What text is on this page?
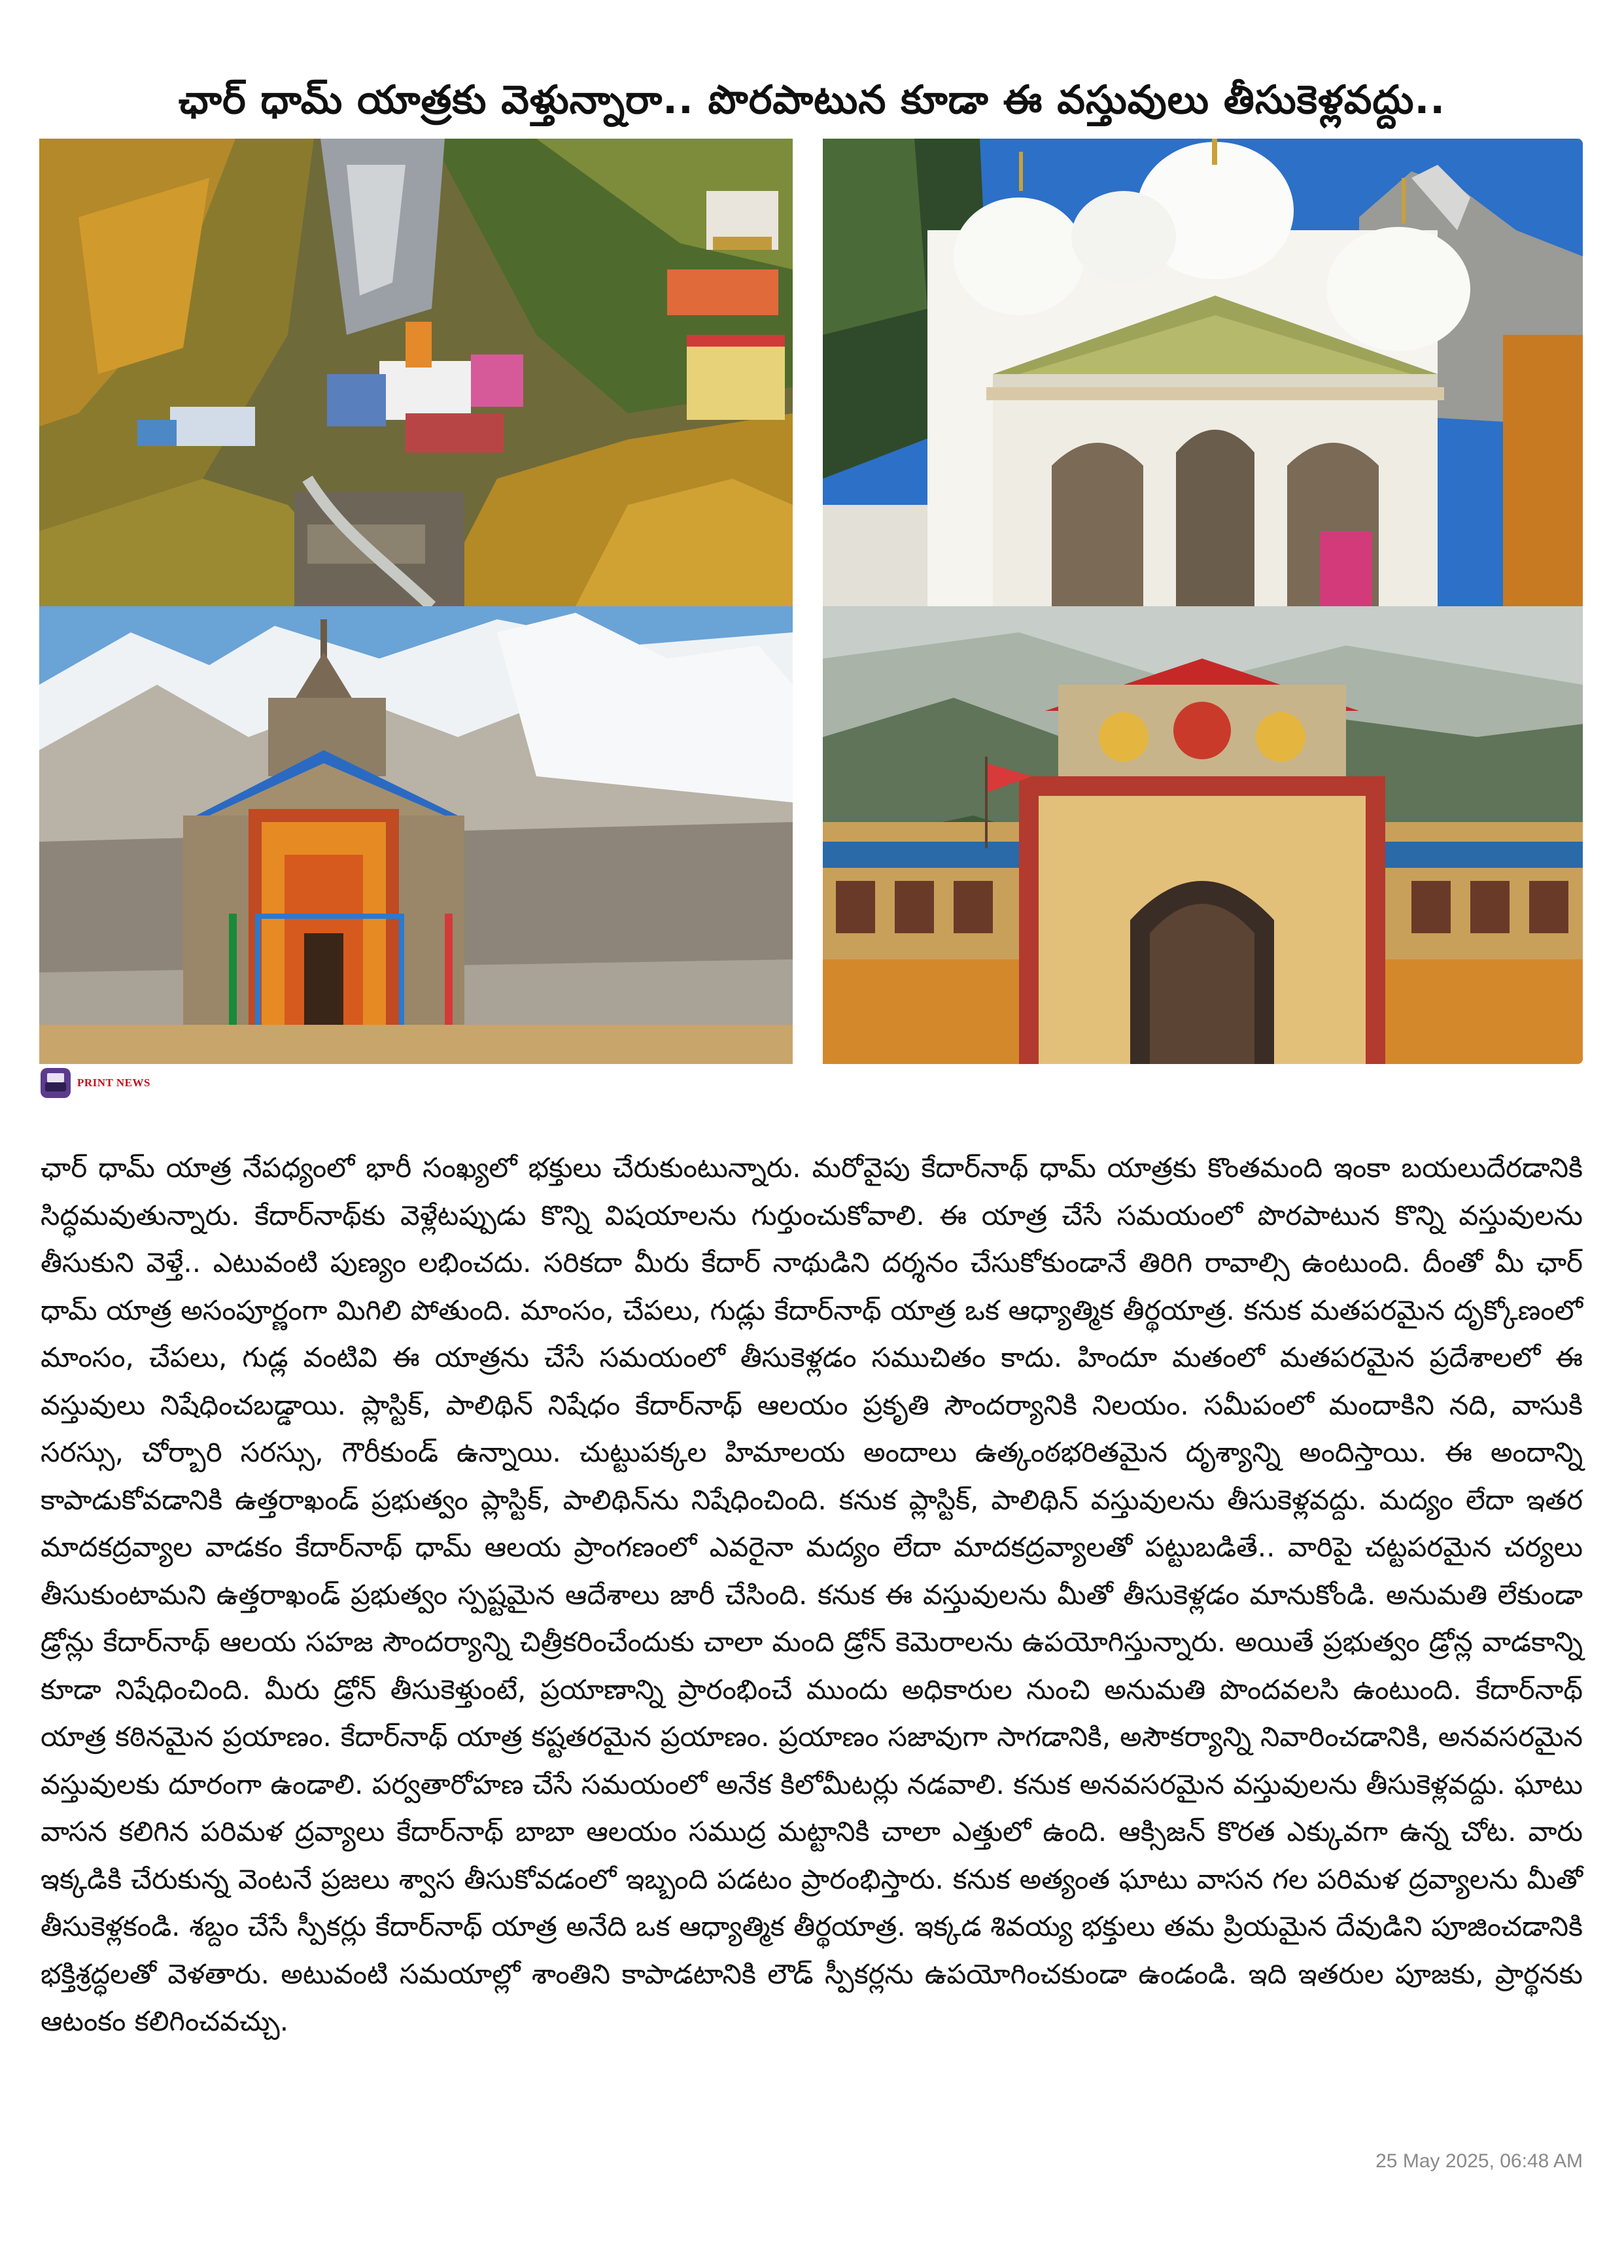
ఛార్ ధామ్ యాత్రకు వెళ్తున్నారా.. పొరపాటున కూడా ఈ వస్తువులు తీసుకెళ్లవద్దు..
PRINT NEWS

ఛార్ ధామ్ యాత్ర నేపధ్యంలో భారీ సంఖ్యలో భక్తులు చేరుకుంటున్నారు. మరోవైపు కేదార్‌నాథ్ ధామ్ యాత్రకు కొంతమంది ఇంకా బయలుదేరడానికి సిద్ధమవుతున్నారు. కేదార్‌నాథ్‌కు వెళ్లేటప్పుడు కొన్ని విషయాలను గుర్తుంచుకోవాలి. ఈ యాత్ర చేసే సమయంలో పొరపాటున కొన్ని వస్తువులను తీసుకుని వెళ్తే.. ఎటువంటి పుణ్యం లభించదు. సరికదా మీరు కేదార్ నాథుడిని దర్శనం చేసుకోకుండానే తిరిగి రావాల్సి ఉంటుంది. దీంతో మీ ఛార్ ధామ్ యాత్ర అసంపూర్ణంగా మిగిలి పోతుంది. మాంసం, చేపలు, గుడ్లు కేదార్‌నాథ్ యాత్ర ఒక ఆధ్యాత్మిక తీర్థయాత్ర. కనుక మతపరమైన దృక్కోణంలో మాంసం, చేపలు, గుడ్ల వంటివి ఈ యాత్రను చేసే సమయంలో తీసుకెళ్లడం సముచితం కాదు. హిందూ మతంలో మతపరమైన ప్రదేశాలలో ఈ వస్తువులు నిషేధించబడ్డాయి. ప్లాస్టిక్, పాలిథిన్ నిషేధం కేదార్‌నాథ్ ఆలయం ప్రకృతి సౌందర్యానికి నిలయం. సమీపంలో మందాకిని నది, వాసుకి సరస్సు, చోర్బారి సరస్సు, గౌరీకుండ్ ఉన్నాయి. చుట్టుపక్కల హిమాలయ అందాలు ఉత్కంఠభరితమైన దృశ్యాన్ని అందిస్తాయి. ఈ అందాన్ని కాపాడుకోవడానికి ఉత్తరాఖండ్ ప్రభుత్వం ప్లాస్టిక్, పాలిథిన్‌ను నిషేధించింది. కనుక ప్లాస్టిక్, పాలిథిన్ వస్తువులను తీసుకెళ్లవద్దు. మద్యం లేదా ఇతర మాదకద్రవ్యాల వాడకం కేదార్‌నాథ్ ధామ్ ఆలయ ప్రాంగణంలో ఎవరైనా మద్యం లేదా మాదకద్రవ్యాలతో పట్టుబడితే.. వారిపై చట్టపరమైన చర్యలు తీసుకుంటామని ఉత్తరాఖండ్ ప్రభుత్వం స్పష్టమైన ఆదేశాలు జారీ చేసింది. కనుక ఈ వస్తువులను మీతో తీసుకెళ్లడం మానుకోండి. అనుమతి లేకుండా డ్రోన్లు కేదార్‌నాథ్ ఆలయ సహజ సౌందర్యాన్ని చిత్రీకరించేందుకు చాలా మంది డ్రోన్ కెమెరాలను ఉపయోగిస్తున్నారు. అయితే ప్రభుత్వం డ్రోన్ల వాడకాన్ని కూడా నిషేధించింది. మీరు డ్రోన్ తీసుకెళ్తుంటే, ప్రయాణాన్ని ప్రారంభించే ముందు అధికారుల నుంచి అనుమతి పొందవలసి ఉంటుంది. కేదార్‌నాథ్ యాత్ర కఠినమైన ప్రయాణం. కేదార్‌నాథ్ యాత్ర కష్టతరమైన ప్రయాణం. ప్రయాణం సజావుగా సాగడానికి, అసౌకర్యాన్ని నివారించడానికి, అనవసరమైన వస్తువులకు దూరంగా ఉండాలి. పర్వతారోహణ చేసే సమయంలో అనేక కిలోమీటర్లు నడవాలి. కనుక అనవసరమైన వస్తువులను తీసుకెళ్లవద్దు. ఘాటు వాసన కలిగిన పరిమళ ద్రవ్యాలు కేదార్‌నాథ్ బాబా ఆలయం సముద్ర మట్టానికి చాలా ఎత్తులో ఉంది. ఆక్సిజన్ కొరత ఎక్కువగా ఉన్న చోట. వారు ఇక్కడికి చేరుకున్న వెంటనే ప్రజలు శ్వాస తీసుకోవడంలో ఇబ్బంది పడటం ప్రారంభిస్తారు. కనుక అత్యంత ఘాటు వాసన గల పరిమళ ద్రవ్యాలను మీతో తీసుకెళ్లకండి. శబ్దం చేసే స్పీకర్లు కేదార్‌నాథ్ యాత్ర అనేది ఒక ఆధ్యాత్మిక తీర్థయాత్ర. ఇక్కడ శివయ్య భక్తులు తమ ప్రియమైన దేవుడిని పూజించడానికి భక్తిశ్రద్ధలతో వెళతారు. అటువంటి సమయాల్లో శాంతిని కాపాడటానికి లౌడ్ స్పీకర్లను ఉపయోగించకుండా ఉండండి. ఇది ఇతరుల పూజకు, ప్రార్థనకు ఆటంకం కలిగించవచ్చు.

25 May 2025, 06:48 AM
